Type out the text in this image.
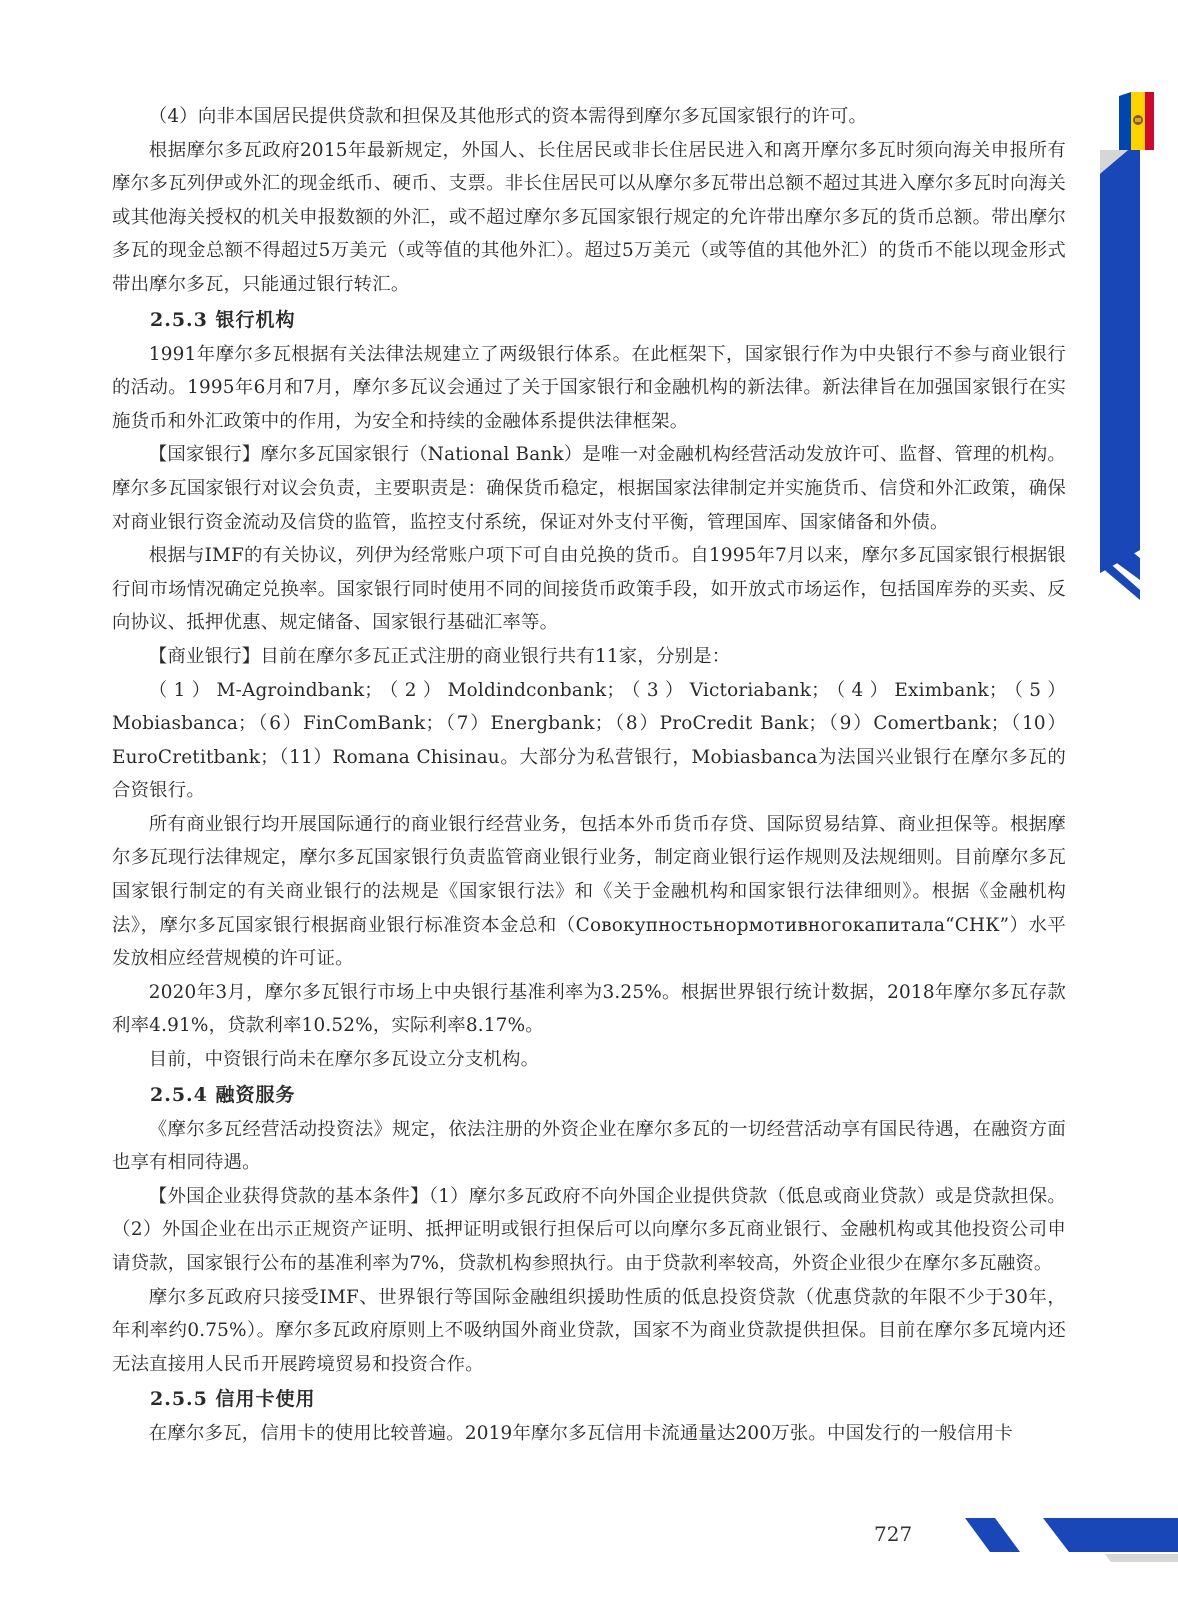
（4）向非本国居民提供贷款和担保及其他形式的资本需得到摩尔多瓦国家银行的许可。

根据摩尔多瓦政府2015年最新规定，外国人、长住居民或非长住居民进入和离开摩尔多瓦时须向海关申报所有摩尔多瓦列伊或外汇的现金纸币、硬币、支票。非长住居民可以从摩尔多瓦带出总额不超过其进入摩尔多瓦时向海关或其他海关授权的机关申报数额的外汇，或不超过摩尔多瓦国家银行规定的允许带出摩尔多瓦的货币总额。带出摩尔多瓦的现金总额不得超过5万美元（或等值的其他外汇）。超过5万美元（或等值的其他外汇）的货币不能以现金形式带出摩尔多瓦，只能通过银行转汇。

2.5.3 银行机构

1991年摩尔多瓦根据有关法律法规建立了两级银行体系。在此框架下，国家银行作为中央银行不参与商业银行的活动。1995年6月和7月，摩尔多瓦议会通过了关于国家银行和金融机构的新法律。新法律旨在加强国家银行在实施货币和外汇政策中的作用，为安全和持续的金融体系提供法律框架。

【国家银行】摩尔多瓦国家银行（National Bank）是唯一对金融机构经营活动发放许可、监督、管理的机构。摩尔多瓦国家银行对议会负责，主要职责是：确保货币稳定，根据国家法律制定并实施货币、信贷和外汇政策，确保对商业银行资金流动及信贷的监管，监控支付系统，保证对外支付平衡，管理国库、国家储备和外债。

根据与IMF的有关协议，列伊为经常账户项下可自由兑换的货币。自1995年7月以来，摩尔多瓦国家银行根据银行间市场情况确定兑换率。国家银行同时使用不同的间接货币政策手段，如开放式市场运作，包括国库券的买卖、反向协议、抵押优惠、规定储备、国家银行基础汇率等。

【商业银行】目前在摩尔多瓦正式注册的商业银行共有11家，分别是：

（1）M-Agroindbank；（2）Moldindconbank；（3）Victoriabank；（4）Eximbank；（5）Mobiasbanca；（6）FinComBank；（7）Energbank；（8）ProCredit Bank；（9）Comertbank；（10）EuroCretitbank；（11）Romana Chisinau。大部分为私营银行，Mobiasbanca为法国兴业银行在摩尔多瓦的合资银行。

所有商业银行均开展国际通行的商业银行经营业务，包括本外币货币存贷、国际贸易结算、商业担保等。根据摩尔多瓦现行法律规定，摩尔多瓦国家银行负责监管商业银行业务，制定商业银行运作规则及法规细则。目前摩尔多瓦国家银行制定的有关商业银行的法规是《国家银行法》和《关于金融机构和国家银行法律细则》。根据《金融机构法》，摩尔多瓦国家银行根据商业银行标准资本金总和（Совокупностьнормотивногокапитала“СНК”）水平发放相应经营规模的许可证。

2020年3月，摩尔多瓦银行市场上中央银行基准利率为3.25%。根据世界银行统计数据，2018年摩尔多瓦存款利率4.91%，贷款利率10.52%，实际利率8.17%。

目前，中资银行尚未在摩尔多瓦设立分支机构。

2.5.4 融资服务

《摩尔多瓦经营活动投资法》规定，依法注册的外资企业在摩尔多瓦的一切经营活动享有国民待遇，在融资方面也享有相同待遇。

【外国企业获得贷款的基本条件】（1）摩尔多瓦政府不向外国企业提供贷款（低息或商业贷款）或是贷款担保。（2）外国企业在出示正规资产证明、抵押证明或银行担保后可以向摩尔多瓦商业银行、金融机构或其他投资公司申请贷款，国家银行公布的基准利率为7%，贷款机构参照执行。由于贷款利率较高，外资企业很少在摩尔多瓦融资。

摩尔多瓦政府只接受IMF、世界银行等国际金融组织援助性质的低息投资贷款（优惠贷款的年限不少于30年，年利率约0.75%）。摩尔多瓦政府原则上不吸纳国外商业贷款，国家不为商业贷款提供担保。目前在摩尔多瓦境内还无法直接用人民币开展跨境贸易和投资合作。

2.5.5 信用卡使用

在摩尔多瓦，信用卡的使用比较普遍。2019年摩尔多瓦信用卡流通量达200万张。中国发行的一般信用卡

727
